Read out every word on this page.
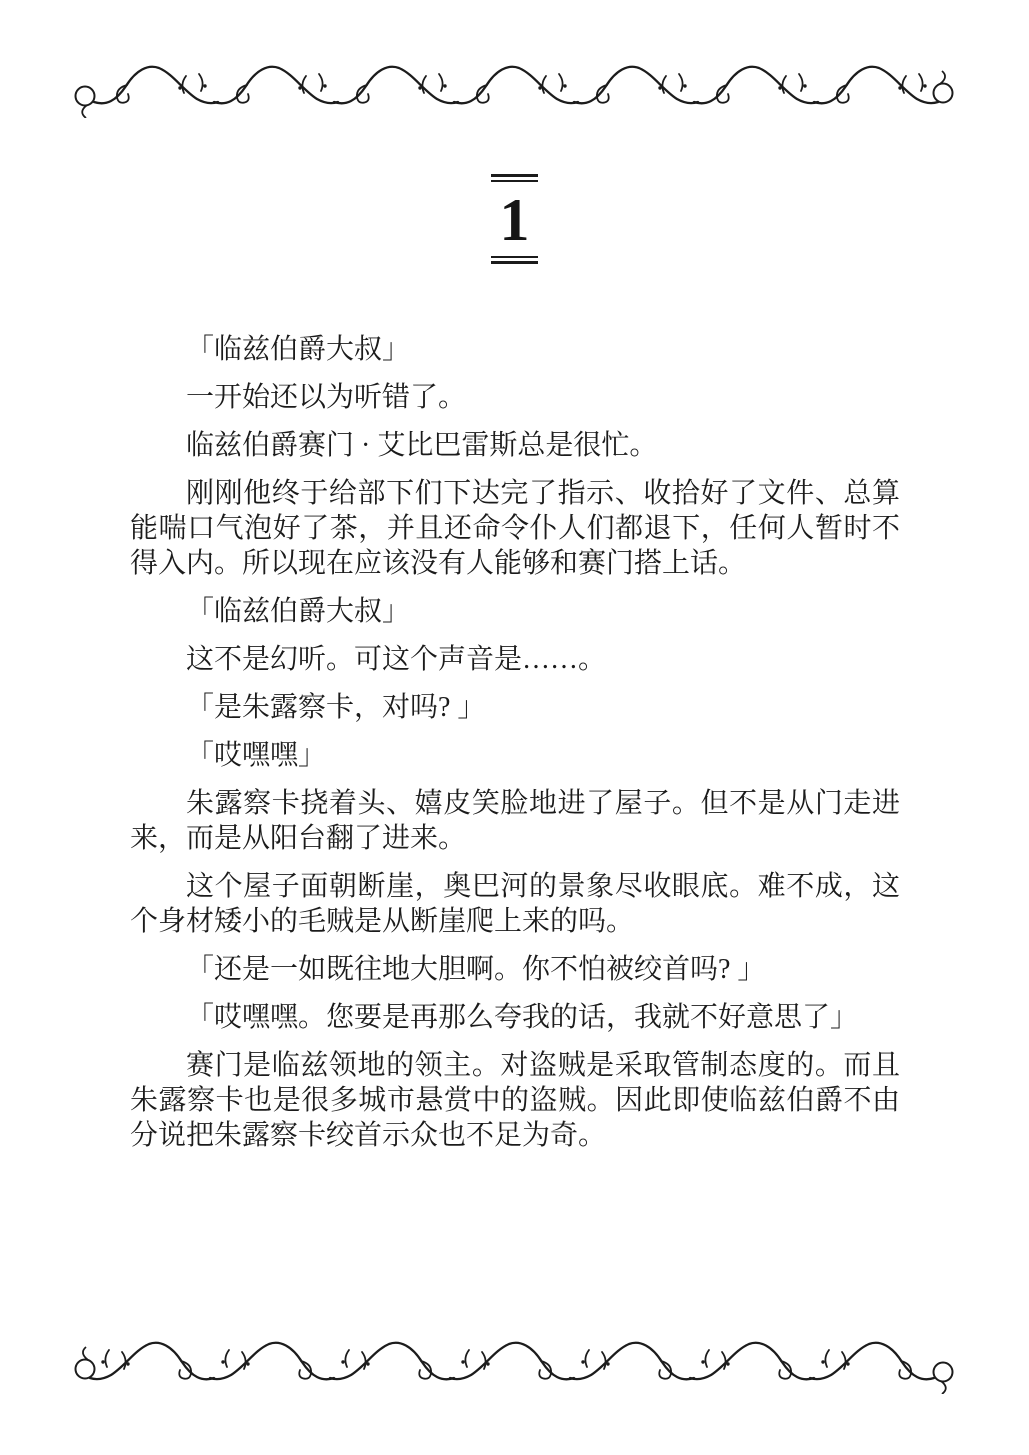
1

「临兹伯爵大叔」

一开始还以为听错了。

临兹伯爵赛门 · 艾比巴雷斯总是很忙。

刚刚他终于给部下们下达完了指示、收拾好了文件、总算能喘口气泡好了茶，并且还命令仆人们都退下，任何人暂时不得入内。所以现在应该没有人能够和赛门搭上话。

「临兹伯爵大叔」

这不是幻听。可这个声音是……。

「是朱露察卡，对吗? 」

「哎嘿嘿」

朱露察卡挠着头、嬉皮笑脸地进了屋子。但不是从门走进来，而是从阳台翻了进来。

这个屋子面朝断崖，奥巴河的景象尽收眼底。难不成，这个身材矮小的毛贼是从断崖爬上来的吗。

「还是一如既往地大胆啊。你不怕被绞首吗? 」

「哎嘿嘿。您要是再那么夸我的话，我就不好意思了」

赛门是临兹领地的领主。对盗贼是采取管制态度的。而且朱露察卡也是很多城市悬赏中的盗贼。因此即使临兹伯爵不由分说把朱露察卡绞首示众也不足为奇。
